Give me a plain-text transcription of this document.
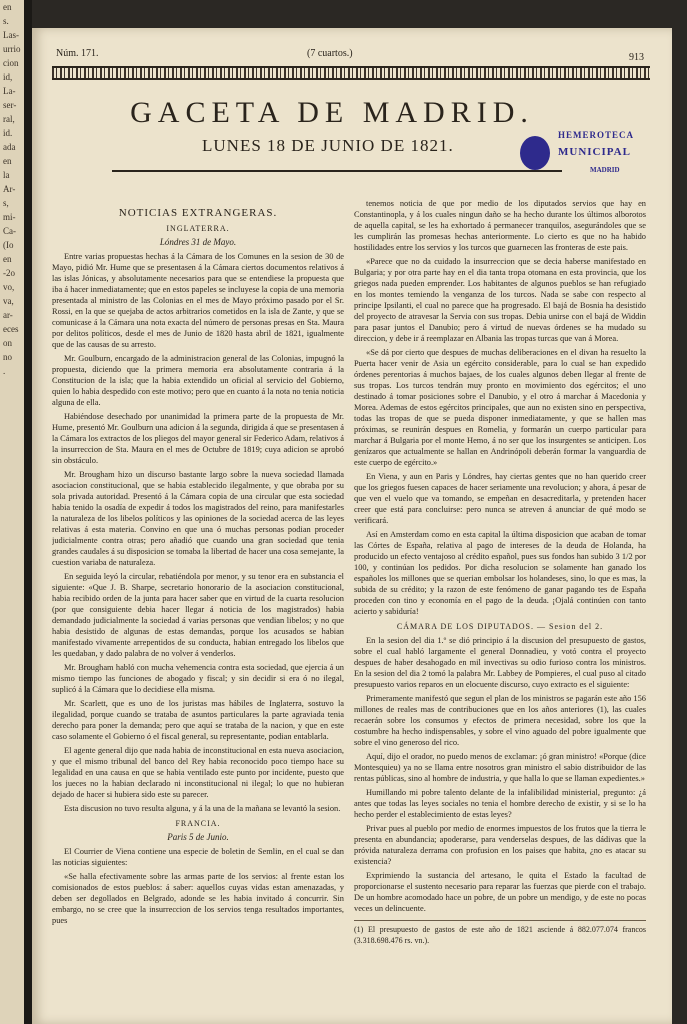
en
s.
Las-
urrio
cion
id,
La-
ser-
ral,
id.
ada
en
la
Ar-
s,
mi-
Ca-
(Io
en
-2o
vo,
va,
ar-
eces
on
no
.
Núm. 171.	(7 cuartos.)	913
GACETA DE MADRID.
LUNES 18 DE JUNIO DE 1821.
HEMEROTECA
MUNICIPAL
MADRID
NOTICIAS EXTRANGERAS.
INGLATERRA.
Lóndres 31 de Mayo.

Entre varias propuestas hechas á la Cámara de los Comunes en la sesion de 30 de Mayo, pidió Mr. Hume que se presentasen á la Cámara ciertos documentos relativos á las islas Jónicas, y absolutamente necesarios para que se entendiese la propuesta que iba á hacer inmediatamente; que en estos papeles se incluyese la copia de una memoria presentada al ministro de las Colonias en el mes de Mayo próximo pasado por el Sr. Rossi, en la que se quejaba de actos arbitrarios cometidos en la isla de Zante, y que se comunicase á la Cámara una nota exacta del número de personas presas en Sta. Maura por delitos políticos, desde el mes de Junio de 1820 hasta abril de 1821, igualmente que de las causas de su arresto.

Mr. Goulburn, encargado de la administracion general de las Colonias, impugnó la propuesta, diciendo que la primera memoria era absolutamente contraria á la Constitucion de la isla; que la habia extendido un oficial al servicio del Gobierno, quien lo habia despedido con este motivo; pero que en cuanto á la nota no tenia noticia alguna de ella.

Habiéndose desechado por unanimidad la primera parte de la propuesta de Mr. Hume, presentó Mr. Goulburn una adicion á la segunda, dirigida á que se presentasen á la Cámara los extractos de los pliegos del mayor general sir Federico Adam, relativos á la insurreccion de Sta. Maura en el mes de Octubre de 1819; cuya adicion se aprobó sin obstáculo.

Mr. Brougham hizo un discurso bastante largo sobre la nueva sociedad llamada asociacion constitucional, que se habia establecido ilegalmente, y que obraba por su sola privada autoridad. Presentó á la Cámara copia de una circular que esta sociedad habia tenido la osadía de expedir á todos los magistrados del reino, para manifestarles la naturaleza de los libelos políticos y las opiniones de la sociedad acerca de las leyes relativas á esta materia. Convino en que una ó muchas personas podian proceder judicialmente contra otras; pero añadió que cuando una gran sociedad que tenia grandes caudales á su disposicion se tomaba la libertad de hacer una cosa semejante, la cuestion variaba de naturaleza.

En seguida leyó la circular, rebatiéndola por menor, y su tenor era en substancia el siguiente: «Que J. B. Sharpe, secretario honorario de la asociacion constitucional, habia recibido orden de la junta para hacer saber que en virtud de la cuarta resolucion (por que consiguiente debia hacer llegar á noticia de los magistrados) habia demandado judicialmente la sociedad á varias personas que vendian libelos; y no que habia desistido de algunas de estas demandas, porque los acusados se habian manifestado vivamente arrepentidos de su conducta, habian entregado los libelos que les quedaban, y dado palabra de no volver á venderlos.

Mr. Brougham habló con mucha vehemencia contra esta sociedad, que ejercia á un mismo tiempo las funciones de abogado y fiscal; y sin decidir si era ó no ilegal, suplicó á la Cámara que lo decidiese ella misma.

Mr. Scarlett, que es uno de los juristas mas hábiles de Inglaterra, sostuvo la ilegalidad, porque cuando se trataba de asuntos particulares la parte agraviada tenia derecho para poner la demanda; pero que aquí se trataba de la nacion, y que en este caso solamente el Gobierno ó el fiscal general, su representante, podian entablarla.

El agente general dijo que nada habia de inconstitucional en esta nueva asociacion, y que el mismo tribunal del banco del Rey habia reconocido poco tiempo hace su legalidad en una causa en que se habia ventilado este punto por incidente, puesto que los jueces no la habian declarado ni inconstitucional ni ilegal; lo que no hubieran dejado de hacer si hubiera sido este su parecer.

Esta discusion no tuvo resulta alguna, y á la una de la mañana se levantó la sesion.

FRANCIA.
Paris 5 de Junio.

El Courrier de Viena contiene una especie de boletin de Semlin, en el cual se dan las noticias siguientes:

«Se halla efectivamente sobre las armas parte de los servios: al frente estan los comisionados de estos pueblos: á saber: aquellos cuyas vidas estan amenazadas, y deben ser degollados en Belgrado, adonde se les habia invitado á concurrir. Sin embargo, no se cree que la insurreccion de los servios tenga resultados importantes, pues

tenemos noticia de que por medio de los diputados servios que hay en Constantinopla, y á los cuales ningun daño se ha hecho durante los últimos alborotos de aquella capital, se les ha exhortado á permanecer tranquilos, asegurándoles que se les cumplirán las promesas hechas anteriormente. Lo cierto es que no ha habido hostilidades entre los servios y los turcos que guarnecen las fronteras de este pais.

«Parece que no da cuidado la insurreccion que se decia haberse manifestado en Bulgaria; y por otra parte hay en el dia tanta tropa otomana en esta provincia, que los griegos nada pueden emprender. Los habitantes de algunos pueblos se han refugiado en los montes temiendo la venganza de los turcos. Nada se sabe con respecto al principe Ipsilanti, el cual no parece que ha progresado. El bajá de Bosnia ha desistido del proyecto de atravesar la Servia con sus tropas. Debia unirse con el bajá de Widdin para pasar juntos el Danubio; pero á virtud de nuevas órdenes se ha mudado su direccion, y debe ir á reemplazar en Albania las tropas turcas que van á Morea.

«Se dá por cierto que despues de muchas deliberaciones en el divan ha resuelto la Puerta hacer venir de Asia un egército considerable, para lo cual se han expedido órdenes perentorias á muchos bajaes, de los cuales algunos deben llegar al frente de sus tropas. Los turcos tendrán muy pronto en movimiento dos egércitos; el uno destinado á tomar posiciones sobre el Danubio, y el otro á marchar á Macedonia y Morea. Ademas de estos egércitos principales, que aun no existen sino en perspectiva, todas las tropas de que se pueda disponer inmediatamente, y que se hallen mas próximas, se reunirán despues en Romelia, y formarán un cuerpo particular para marchar á Bulgaria por el monte Hemo, á no ser que los insurgentes se anticipen. Los genízaros que actualmente se hallan en Andrinópoli deberán formar la vanguardia de este cuerpo de egército.»

En Viena, y aun en Paris y Lóndres, hay ciertas gentes que no han querido creer que los griegos fuesen capaces de hacer seriamente una revolucion; y ahora, á pesar de que ven el vuelo que va tomando, se empeñan en desacreditarla, y pretenden hacer creer que está para concluirse: pero nunca se atreven á anunciar de qué modo se verificará.

Así en Amsterdam como en esta capital la última disposicion que acaban de tomar las Córtes de España, relativa al pago de intereses de la deuda de Holanda, ha producido un efecto ventajoso al crédito español, pues sus fondos han subido 3 1/2 por 100, y continúan los pedidos. Por dicha resolucion se solamente han ganado los españoles los millones que se querian embolsar los holandeses, sino, lo que es mas, la subida de su crédito; y la razon de este fenómeno de ganar pagando tes de España proceden con tino y economía en el pago de la deuda. ¡Ojalá continúen con tanto acierto y sabiduría!

CÁMARA DE LOS DIPUTADOS. — Sesion del 2.

En la sesion del dia 1.º se dió principio á la discusion del presupuesto de gastos, sobre el cual habló largamente el general Donnadieu, y votó contra el proyecto despues de haber desahogado en mil invectivas su odio furioso contra los ministros. En la sesion del dia 2 tomó la palabra Mr. Labbey de Pompieres, el cual puso al citado presupuesto varios reparos en un elocuente discurso, cuyo extracto es el siguiente:

Primeramente manifestó que segun el plan de los ministros se pagarán este año 156 millones de reales mas de contribuciones que en los años anteriores (1), las cuales recaerán sobre los consumos y efectos de primera necesidad, sobre los que la costumbre ha hecho indispensables, y sobre el vino aguado del pobre igualmente que sobre el vino generoso del rico.

Aquí, dijo el orador, no puedo menos de exclamar: ¡ó gran ministro! «Porque (dice Montesquieu) ya no se llama entre nosotros gran ministro el sabio distribuidor de las rentas públicas, sino al hombre de industria, y que halla lo que se llaman expedientes.»

Humillando mi pobre talento delante de la infalibilidad ministerial, pregunto: ¿á antes que todas las leyes sociales no tenia el hombre derecho de existir, y si se lo ha hecho perder el establecimiento de estas leyes?

Privar pues al pueblo por medio de enormes impuestos de los frutos que la tierra le presenta en abundancia; apoderarse, para venderselas despues, de las dádivas que la próvida naturaleza derrama con profusion en los paises que habita, ¿no es atacar su existencia?

Exprimiendo la sustancia del artesano, le quita el Estado la facultad de proporcionarse el sustento necesario para reparar las fuerzas que pierde con el trabajo. De un hombre acomodado hace un pobre, de un pobre un mendigo, y de este no pocas veces un delincuente.

(1) El presupuesto de gastos de este año de 1821 asciende á 882.077.074 francos (3.318.698.476 rs. vn.).
